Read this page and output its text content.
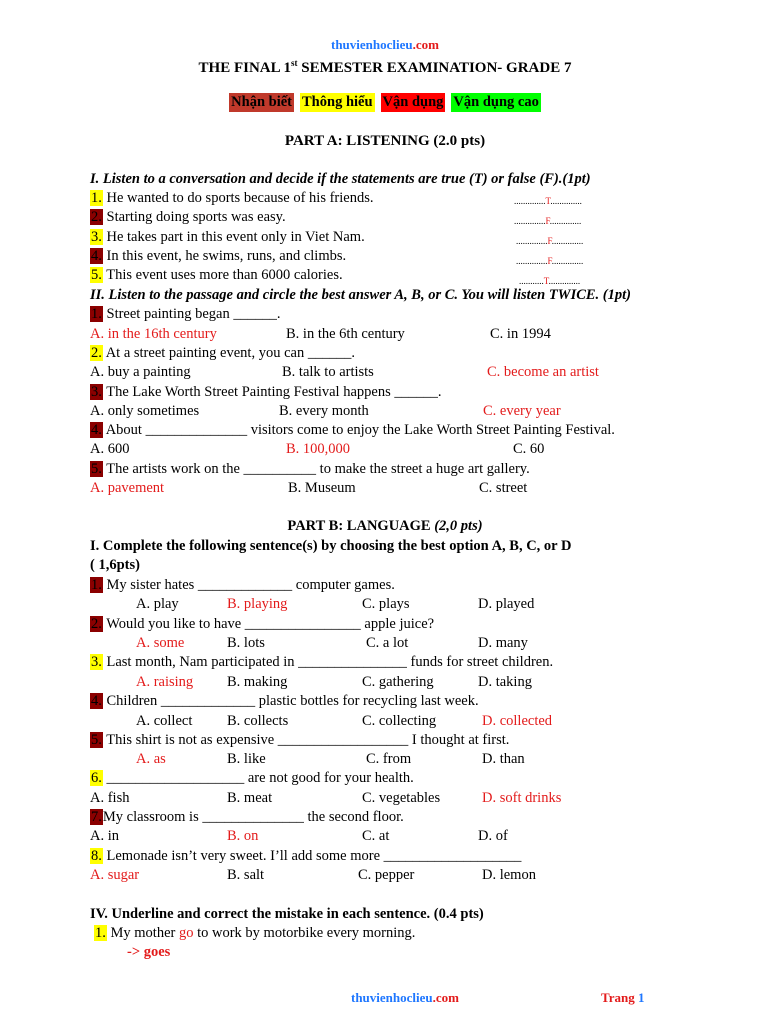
thuvienhoclieu.com
THE FINAL 1st SEMESTER EXAMINATION- GRADE 7
Nhận biết Thông hiểu Vận dụng Vận dụng cao
PART A: LISTENING (2.0 pts)
I. Listen to a conversation and decide if the statements are true (T) or false (F).(1pt)
1. He wanted to do sports because of his friends.	..............T..............
2. Starting doing sports was easy.	..............F..............
3. He takes part in this event only in Viet Nam.	..............F..............
4. In this event, he swims, runs, and climbs.	..............F..............
5. This event uses more than 6000 calories.	...........T..............
II. Listen to the passage and circle the best answer A, B, or C. You will listen TWICE. (1pt)
1. Street painting began ______.
A. in the 16th century	B. in the 6th century	C. in 1994
2. At a street painting event, you can ______.
A. buy a painting	B. talk to artists	C. become an artist
3. The Lake Worth Street Painting Festival happens ______.
A. only sometimes	B. every month	C. every year
4. About ______________ visitors come to enjoy the Lake Worth Street Painting Festival.
A. 600	B. 100,000	C. 60
5. The artists work on the __________ to make the street a huge art gallery.
A. pavement	B. Museum	C. street
PART B: LANGUAGE (2,0 pts)
I. Complete the following sentence(s) by choosing the best option A, B, C, or D
( 1,6pts)
1. My sister hates _____________ computer games.
A. play	B. playing	C. plays	D. played
2. Would you like to have ________________ apple juice?
A. some	B. lots	C. a lot	D. many
3. Last month, Nam participated in _______________ funds for street children.
A. raising B. making	C. gathering	D. taking
4. Children _____________ plastic bottles for recycling last week.
A. collect B. collects	C. collecting	D. collected
5. This shirt is not as expensive __________________ I thought at first.
A. as	B. like	C. from	D. than
6. ___________________ are not good for your health.
A. fish	B. meat	C. vegetables	D. soft drinks
7.My classroom is ______________ the second floor.
A. in	B. on	C. at	D. of
8. Lemonade isn’t very sweet. I’ll add some more ___________________
A. sugar	B. salt	C. pepper	D. lemon
IV. Underline and correct the mistake in each sentence. (0.4 pts)
1. My mother go to work by motorbike every morning.
-> goes
thuvienhoclieu.com	Trang 1
